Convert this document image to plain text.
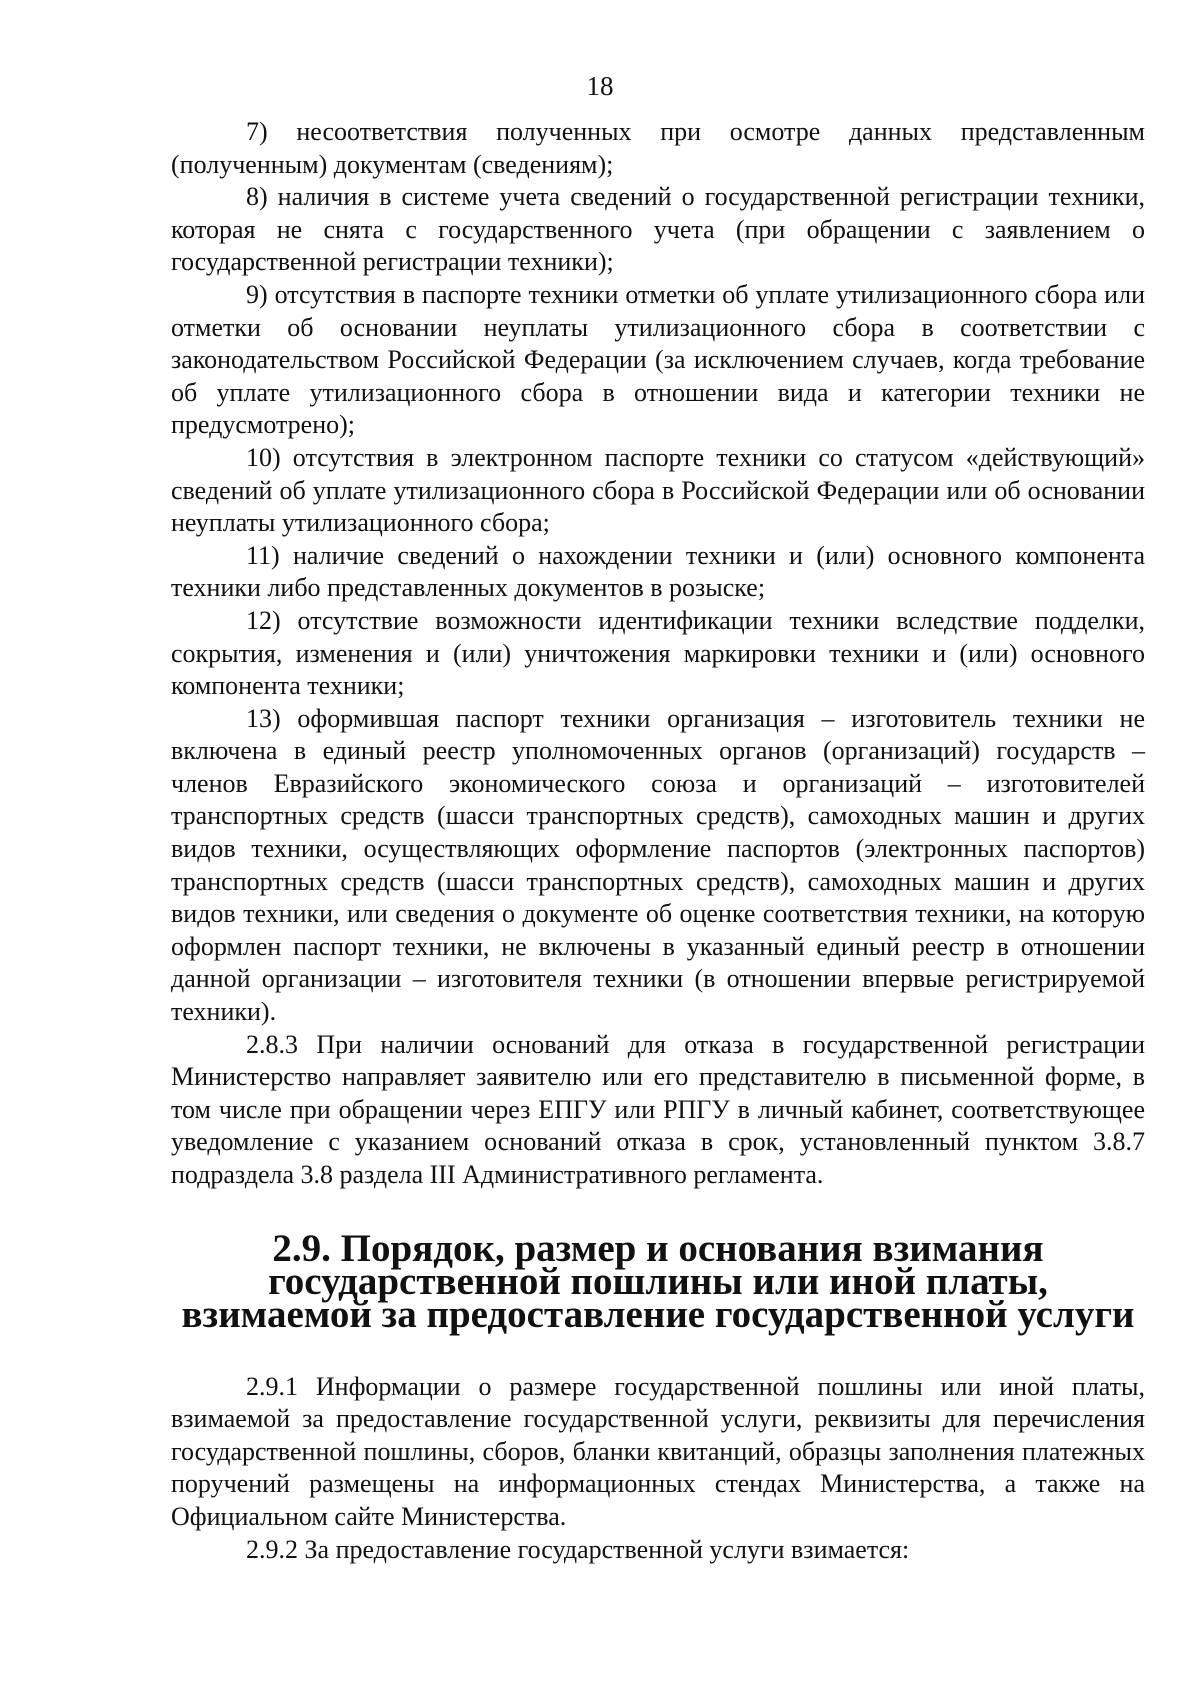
18

7) несоответствия полученных при осмотре данных представленным (полученным) документам (сведениям);

8) наличия в системе учета сведений о государственной регистрации техники, которая не снята с государственного учета (при обращении с заявлением о государственной регистрации техники);

9) отсутствия в паспорте техники отметки об уплате утилизационного сбора или отметки об основании неуплаты утилизационного сбора в соответствии с законодательством Российской Федерации (за исключением случаев, когда требование об уплате утилизационного сбора в отношении вида и категории техники не предусмотрено);

10) отсутствия в электронном паспорте техники со статусом «действующий» сведений об уплате утилизационного сбора в Российской Федерации или об основании неуплаты утилизационного сбора;

11) наличие сведений о нахождении техники и (или) основного компонента техники либо представленных документов в розыске;

12) отсутствие возможности идентификации техники вследствие подделки, сокрытия, изменения и (или) уничтожения маркировки техники и (или) основного компонента техники;

13) оформившая паспорт техники организация – изготовитель техники не включена в единый реестр уполномоченных органов (организаций) государств – членов Евразийского экономического союза и организаций – изготовителей транспортных средств (шасси транспортных средств), самоходных машин и других видов техники, осуществляющих оформление паспортов (электронных паспортов) транспортных средств (шасси транспортных средств), самоходных машин и других видов техники, или сведения о документе об оценке соответствия техники, на которую оформлен паспорт техники, не включены в указанный единый реестр в отношении данной организации – изготовителя техники (в отношении впервые регистрируемой техники).

2.8.3 При наличии оснований для отказа в государственной регистрации Министерство направляет заявителю или его представителю в письменной форме, в том числе при обращении через ЕПГУ или РПГУ в личный кабинет, соответствующее уведомление с указанием оснований отказа в срок, установленный пунктом 3.8.7 подраздела 3.8 раздела III Административного регламента.

2.9. Порядок, размер и основания взимания государственной пошлины или иной платы, взимаемой за предоставление государственной услуги

2.9.1 Информации о размере государственной пошлины или иной платы, взимаемой за предоставление государственной услуги, реквизиты для перечисления государственной пошлины, сборов, бланки квитанций, образцы заполнения платежных поручений размещены на информационных стендах Министерства, а также на Официальном сайте Министерства.

2.9.2 За предоставление государственной услуги взимается:
